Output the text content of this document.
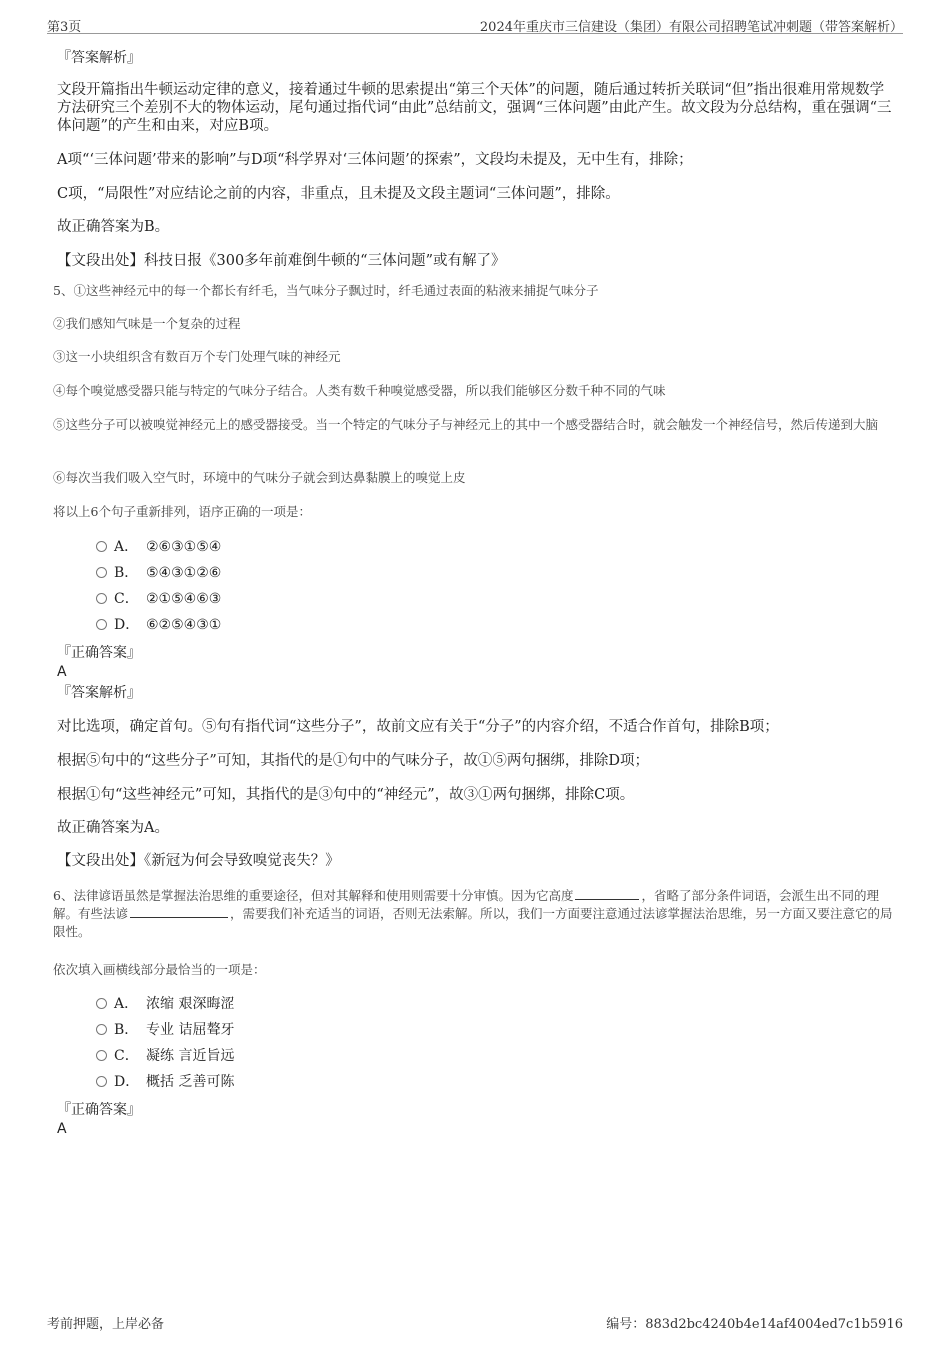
第3页	2024年重庆市三信建设（集团）有限公司招聘笔试冲刺题（带答案解析）
『答案解析』
文段开篇指出牛顿运动定律的意义，接着通过牛顿的思索提出“第三个天体”的问题，随后通过转折关联词“但”指出很难用常规数学方法研究三个差别不大的物体运动，尾句通过指代词“由此”总结前文，强调“三体问题”由此产生。故文段为分总结构，重在强调“三体问题”的产生和由来，对应B项。
A项“‘三体问题’带来的影响”与D项“科学界对‘三体问题’的探索”，文段均未提及，无中生有，排除；
C项，“局限性”对应结论之前的内容，非重点，且未提及文段主题词“三体问题”，排除。
故正确答案为B。
【文段出处】科技日报《300多年前难倒牛顿的“三体问题”或有解了》
5、①这些神经元中的每一个都长有纤毛，当气味分子飘过时，纤毛通过表面的粘液来捕捉气味分子
②我们感知气味是一个复杂的过程
③这一小块组织含有数百万个专门处理气味的神经元
④每个嗅觉感受器只能与特定的气味分子结合。人类有数千种嗅觉感受器，所以我们能够区分数千种不同的气味
⑤这些分子可以被嗅觉神经元上的感受器接受。当一个特定的气味分子与神经元上的其中一个感受器结合时，就会触发一个神经信号，然后传递到大脑
⑥每次当我们吸入空气时，环境中的气味分子就会到达鼻黏膜上的嗅觉上皮
将以上6个句子重新排列，语序正确的一项是：
A． ②⑥③①⑤④
B． ⑤④③①②⑥
C． ②①⑤④⑥③
D． ⑥②⑤④③①
『正确答案』
A
『答案解析』
对比选项，确定首句。⑤句有指代词“这些分子”，故前文应有关于“分子”的内容介绍，不适合作首句，排除B项；
根据⑤句中的“这些分子”可知，其指代的是①句中的气味分子，故①⑤两句捆绑，排除D项；
根据①句“这些神经元”可知，其指代的是③句中的“神经元”，故③①两句捆绑，排除C项。
故正确答案为A。
【文段出处】《新冠为何会导致嗅觉丧失？》
6、法律谚语虽然是掌握法治思维的重要途径，但对其解释和使用则需要十分审慎。因为它高度	，省略了部分条件词语，会派生出不同的理解。有些法谚	，需要我们补充适当的词语，否则无法索解。所以，我们一方面要注意通过法谚掌握法治思维，另一方面又要注意它的局限性。
依次填入画横线部分最恰当的一项是：
A． 浓缩 艰深晦涩
B． 专业 诘屈聱牙
C． 凝练 言近旨远
D． 概括 乏善可陈
『正确答案』
A
考前押题，上岸必备	编号：883d2bc4240b4e14af4004ed7c1b5916
